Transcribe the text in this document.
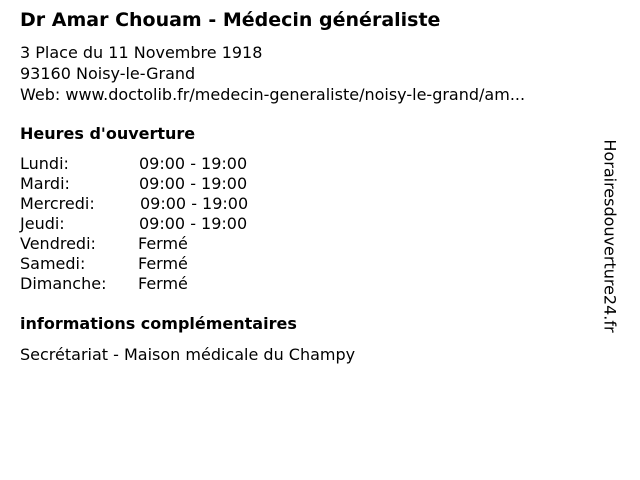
Dr Amar Chouam - Médecin généraliste
3 Place du 11 Novembre 1918
93160 Noisy-le-Grand
Web: www.doctolib.fr/medecin-generaliste/noisy-le-grand/am...
Heures d'ouverture
Lundi:	09:00 - 19:00
Mardi:	09:00 - 19:00
Mercredi:	09:00 - 19:00
Jeudi:	09:00 - 19:00
Vendredi:	Fermé
Samedi:	Fermé
Dimanche: Fermé
informations complémentaires
Secrétariat - Maison médicale du Champy
Horairesdouverture24.fr
